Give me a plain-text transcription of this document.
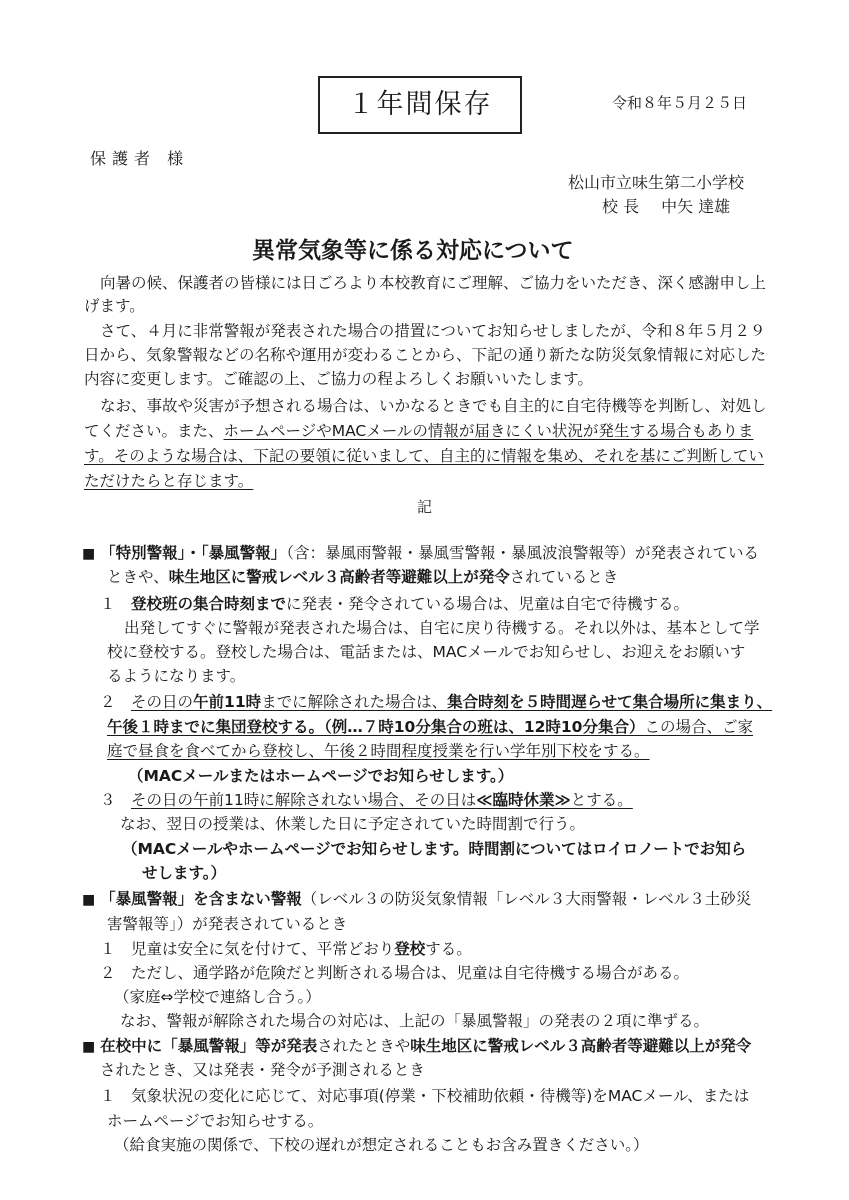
１年間保存	令和８年５月２５日
保護者 様
松山市立味生第二小学校
校 長 中矢 達雄
異常気象等に係る対応について
向暑の候、保護者の皆様には日ごろより本校教育にご理解、ご協力をいただき、深く感謝申し上
げます。
さて、４月に非常警報が発表された場合の措置についてお知らせしましたが、令和８年５月２９
日から、気象警報などの名称や運用が変わることから、下記の通り新たな防災気象情報に対応した
内容に変更します。ご確認の上、ご協力の程よろしくお願いいたします。
なお、事故や災害が予想される場合は、いかなるときでも自主的に自宅待機等を判断し、対処し
てください。また、ホームページやMACメールの情報が届きにくい状況が発生する場合もありま
す。そのような場合は、下記の要領に従いまして、自主的に情報を集め、それを基にご判断してい
ただけたらと存じます。
記
■ 「特別警報」・「暴風警報」（含：暴風雨警報・暴風雪警報・暴風波浪警報等）が発表されている
ときや、味生地区に警戒レベル３高齢者等避難以上が発令されているとき
１　 登校班の集合時刻までに発表・発令されている場合は、児童は自宅で待機する。
出発してすぐに警報が発表された場合は、自宅に戻り待機する。それ以外は、基本として学
校に登校する。登校した場合は、電話または、MACメールでお知らせし、お迎えをお願いす
るようになります。
２　 その日の午前11時までに解除された場合は、集合時刻を５時間遅らせて集合場所に集まり、
午後１時までに集団登校する。（例…７時10分集合の班は、12時10分集合）この場合、ご家
庭で昼食を食べてから登校し、午後２時間程度授業を行い学年別下校をする。
（MACメールまたはホームページでお知らせします。）
３　 その日の午前11時に解除されない場合、その日は≪臨時休業≫とする。
なお、翌日の授業は、休業した日に予定されていた時間割で行う。
（MACメールやホームページでお知らせします。時間割についてはロイロノートでお知ら
せします。）
■ 「暴風警報」を含まない警報（レベル３の防災気象情報「レベル３大雨警報・レベル３土砂災
害警報等」）が発表されているとき
１　 児童は安全に気を付けて、平常どおり登校する。
２　 ただし、通学路が危険だと判断される場合は、児童は自宅待機する場合がある。
（家庭⇔学校で連絡し合う。）
なお、警報が解除された場合の対応は、上記の「暴風警報」の発表の２項に準ずる。
■ 在校中に「暴風警報」等が発表されたときや味生地区に警戒レベル３高齢者等避難以上が発令
されたとき、又は発表・発令が予測されるとき
１　 気象状況の変化に応じて、対応事項(停業・下校補助依頼・待機等)をMACメール、または
ホームページでお知らせする。
（給食実施の関係で、下校の遅れが想定されることもお含み置きください。）
